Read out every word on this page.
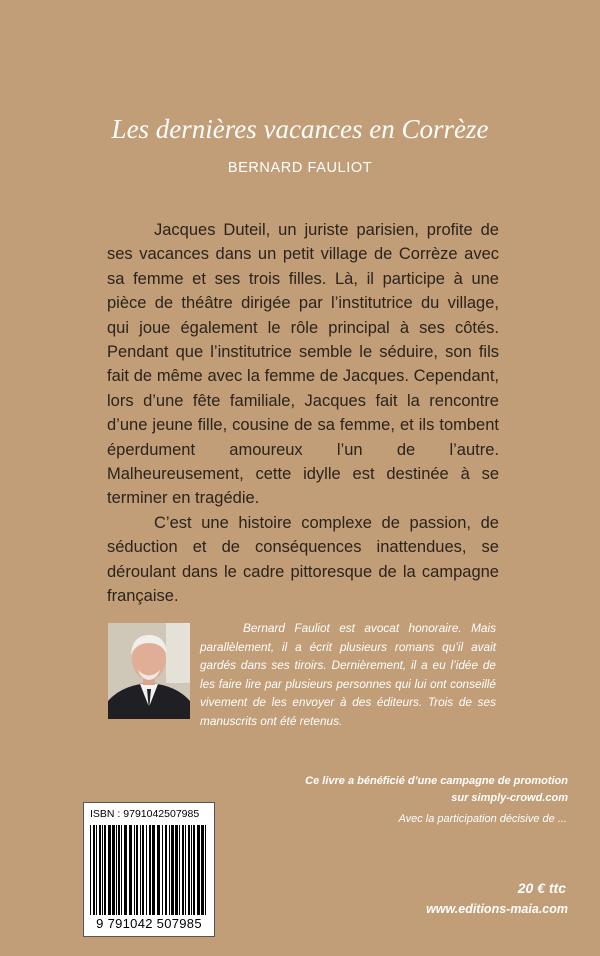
Les dernières vacances en Corrèze
BERNARD FAULIOT

Jacques Duteil, un juriste parisien, profite de ses vacances dans un petit village de Corrèze avec sa femme et ses trois filles. Là, il participe à une pièce de théâtre dirigée par l’institutrice du village, qui joue également le rôle principal à ses côtés. Pendant que l’institutrice semble le séduire, son fils fait de même avec la femme de Jacques. Cependant, lors d’une fête familiale, Jacques fait la rencontre d’une jeune fille, cousine de sa femme, et ils tombent éperdument amoureux l’un de l’autre. Malheureusement, cette idylle est destinée à se terminer en tragédie.

C’est une histoire complexe de passion, de séduction et de conséquences inattendues, se déroulant dans le cadre pittoresque de la campagne française.

Bernard Fauliot est avocat honoraire. Mais parallèlement, il a écrit plusieurs romans qu’il avait gardés dans ses tiroirs. Dernièrement, il a eu l’idée de les faire lire par plusieurs personnes qui lui ont conseillé vivement de les envoyer à des éditeurs. Trois de ses manuscrits ont été retenus.
Ce livre a bénéficié d’une campagne de promotion
sur simply-crowd.com
Avec la participation décisive de ...
ISBN : 9791042507985
9 791042 507985
20 € ttc
www.editions-maia.com
